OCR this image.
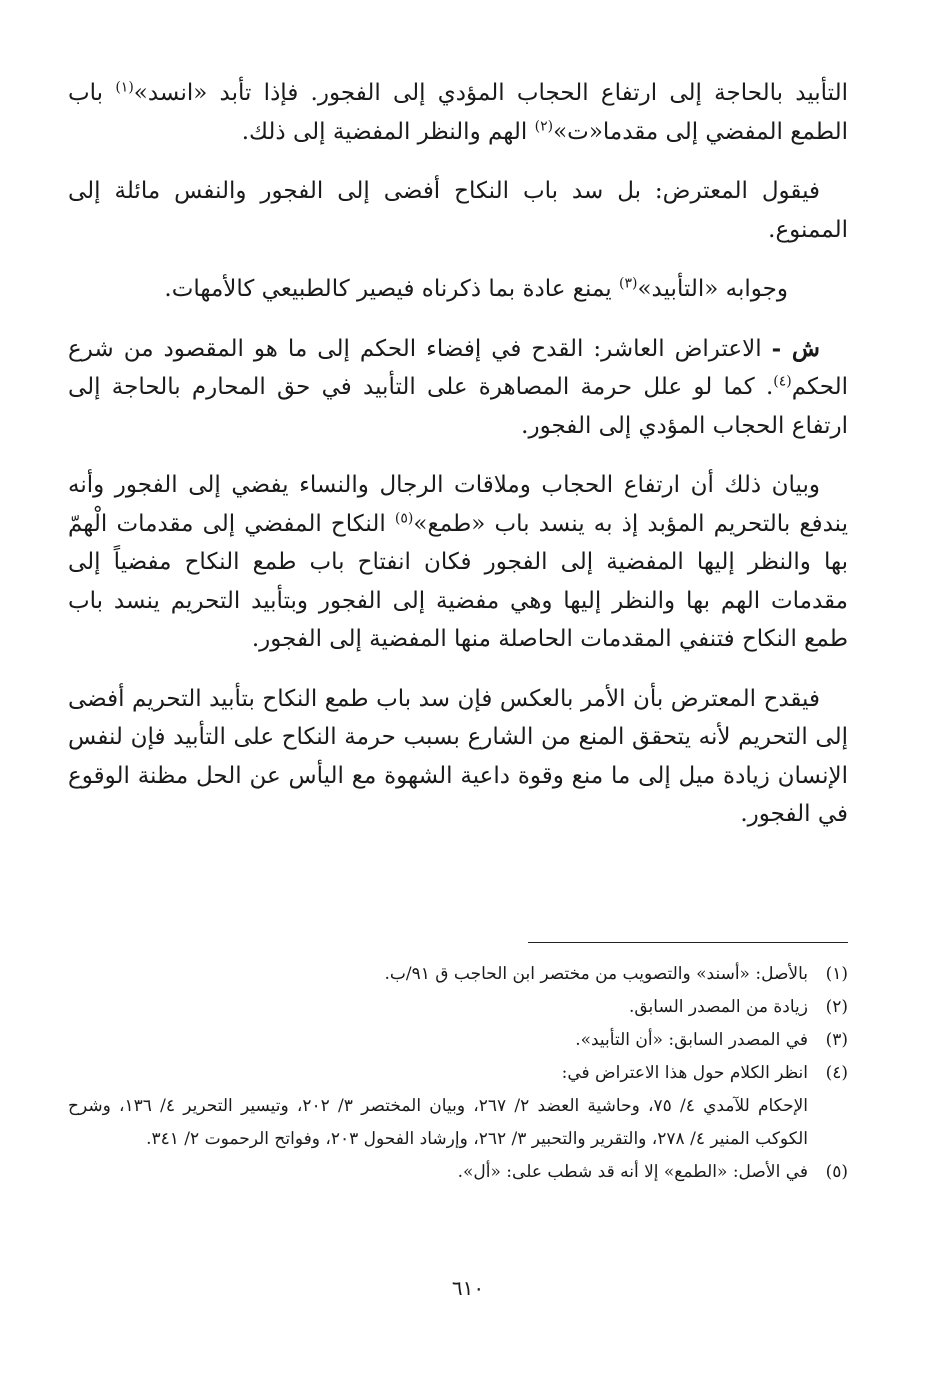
التأبيد بالحاجة إلى ارتفاع الحجاب المؤدي إلى الفجور. فإذا تأبد «انسد»$^{(١)}$ باب الطمع المفضي إلى مقدما«ت»$^{(٢)}$ الهم والنظر المفضية إلى ذلك.

فيقول المعترض: بل سد باب النكاح أفضى إلى الفجور والنفس مائلة إلى الممنوع.

وجوابه «التأبيد»$^{(٣)}$ يمنع عادة بما ذكرناه فيصير كالطبيعي كالأمهات.

ش - الاعتراض العاشر: القدح في إفضاء الحكم إلى ما هو المقصود من شرع الحكم$^{(٤)}$. كما لو علل حرمة المصاهرة على التأبيد في حق المحارم بالحاجة إلى ارتفاع الحجاب المؤدي إلى الفجور.

وبيان ذلك أن ارتفاع الحجاب وملاقات الرجال والنساء يفضي إلى الفجور وأنه يندفع بالتحريم المؤبد إذ به ينسد باب «طمع»$^{(٥)}$ النكاح المفضي إلى مقدمات الْهمّ بها والنظر إليها المفضية إلى الفجور فكان انفتاح باب طمع النكاح مفضياً إلى مقدمات الهم بها والنظر إليها وهي مفضية إلى الفجور وبتأبيد التحريم ينسد باب طمع النكاح فتنفي المقدمات الحاصلة منها المفضية إلى الفجور.

فيقدح المعترض بأن الأمر بالعكس فإن سد باب طمع النكاح بتأبيد التحريم أفضى إلى التحريم لأنه يتحقق المنع من الشارع بسبب حرمة النكاح على التأبيد فإن لنفس الإنسان زيادة ميل إلى ما منع وقوة داعية الشهوة مع اليأس عن الحل مظنة الوقوع في الفجور.

(١)
بالأصل: «أسند» والتصويب من مختصر ابن الحاجب ق ٩١/ب.
(٢)
زيادة من المصدر السابق.
(٣)
في المصدر السابق: «أن التأبيد».
(٤)
انظر الكلام حول هذا الاعتراض في:
الإحكام للآمدي ٤/ ٧٥، وحاشية العضد ٢/ ٢٦٧، وبيان المختصر ٣/ ٢٠٢، وتيسير التحرير ٤/ ١٣٦، وشرح الكوكب المنير ٤/ ٢٧٨، والتقرير والتحبير ٣/ ٢٦٢، وإرشاد الفحول ٢٠٣، وفواتح الرحموت ٢/ ٣٤١.
(٥)
في الأصل: «الطمع» إلا أنه قد شطب على: «أل».
٦١٠
